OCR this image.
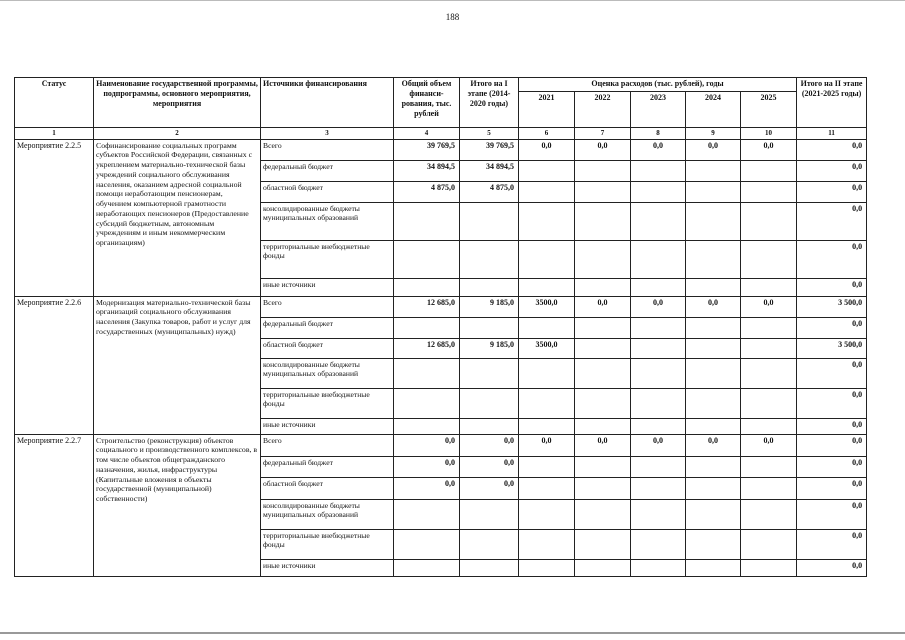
188
Статус	Наименование государственной программы, подпрограммы, основного мероприятия, мероприятия	Источники финансирования	Общий объем финанси-рования, тыс. рублей	Итого на I этапе (2014-2020 годы)	Оценка расходов (тыс. рублей), годы					Итого на II этапе (2021-2025 годы)
					2021	2022	2023	2024	2025	
1	2	3	4	5	6	7	8	9	10	11
Мероприятие 2.2.5	Софинансирование социальных программ субъектов Российской Федерации, связанных с укреплением материально-технической базы учреждений социального обслуживания населения, оказанием адресной социальной помощи неработающим пенсионерам, обучением компьютерной грамотности неработающих пенсионеров (Предоставление субсидий бюджетным, автономным учреждениям и иным некоммерческим организациям)	Всего	39 769,5	39 769,5	0,0	0,0	0,0	0,0	0,0	0,0
		федеральный бюджет	34 894,5	34 894,5						0,0
		областной бюджет	4 875,0	4 875,0						0,0
		консолидированные бюджеты муниципальных образований								0,0
		территориальные внебюджетные фонды								0,0
		иные источники								0,0
Мероприятие 2.2.6	Модернизация материально-технической базы организаций социального обслуживания населения (Закупка товаров, работ и услуг для государственных (муниципальных) нужд)	Всего	12 685,0	9 185,0	3500,0	0,0	0,0	0,0	0,0	3 500,0
		федеральный бюджет								0,0
		областной бюджет	12 685,0	9 185,0	3500,0					3 500,0
		консолидированные бюджеты муниципальных образований								0,0
		территориальные внебюджетные фонды								0,0
		иные источники								0,0
Мероприятие 2.2.7	Строительство (реконструкция) объектов социального и производственного комплексов, в том числе объектов общегражданского назначения, жилья, инфраструктуры (Капитальные вложения в объекты государственной (муниципальной) собственности)	Всего	0,0	0,0	0,0	0,0	0,0	0,0	0,0	0,0
		федеральный бюджет	0,0	0,0						0,0
		областной бюджет	0,0	0,0						0,0
		консолидированные бюджеты муниципальных образований								0,0
		территориальные внебюджетные фонды								0,0
		иные источники								0,0
